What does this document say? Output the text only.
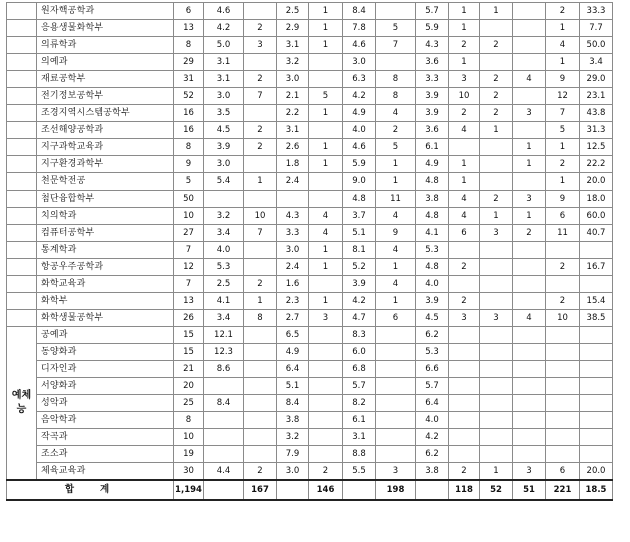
	원자핵공학과	6	4.6		2.5	1	8.4		5.7	1	1		2	33.3
	응용생물화학부	13	4.2	2	2.9	1	7.8	5	5.9	1			1	7.7
	의류학과	8	5.0	3	3.1	1	4.6	7	4.3	2	2		4	50.0
	의예과	29	3.1		3.2		3.0		3.6	1			1	3.4
	재료공학부	31	3.1	2	3.0		6.3	8	3.3	3	2	4	9	29.0
	전기정보공학부	52	3.0	7	2.1	5	4.2	8	3.9	10	2		12	23.1
	조경지역시스템공학부	16	3.5		2.2	1	4.9	4	3.9	2	2	3	7	43.8
	조선해양공학과	16	4.5	2	3.1		4.0	2	3.6	4	1		5	31.3
	지구과학교육과	8	3.9	2	2.6	1	4.6	5	6.1			1	1	12.5
	지구환경과학부	9	3.0		1.8	1	5.9	1	4.9	1		1	2	22.2
	천문학전공	5	5.4	1	2.4		9.0	1	4.8	1			1	20.0
	첨단융합학부	50					4.8	11	3.8	4	2	3	9	18.0
	치의학과	10	3.2	10	4.3	4	3.7	4	4.8	4	1	1	6	60.0
	컴퓨터공학부	27	3.4	7	3.3	4	5.1	9	4.1	6	3	2	11	40.7
	통계학과	7	4.0		3.0	1	8.1	4	5.3					
	항공우주공학과	12	5.3		2.4	1	5.2	1	4.8	2			2	16.7
	화학교육과	7	2.5	2	1.6		3.9	4	4.0					
	화학부	13	4.1	1	2.3	1	4.2	1	3.9	2			2	15.4
	화학생물공학부	26	3.4	8	2.7	3	4.7	6	4.5	3	3	4	10	38.5
예체
능	공예과	15	12.1		6.5		8.3		6.2					
	동양화과	15	12.3		4.9		6.0		5.3					
	디자인과	21	8.6		6.4		6.8		6.6					
	서양화과	20			5.1		5.7		5.7					
	성악과	25	8.4		8.4		8.2		6.4					
	음악학과	8			3.8		6.1		4.0					
	작곡과	10			3.2		3.1		4.2					
	조소과	19			7.9		8.8		6.2					
	체육교육과	30	4.4	2	3.0	2	5.5	3	3.8	2	1	3	6	20.0
합계		1,194		167		146		198		118	52	51	221	18.5
